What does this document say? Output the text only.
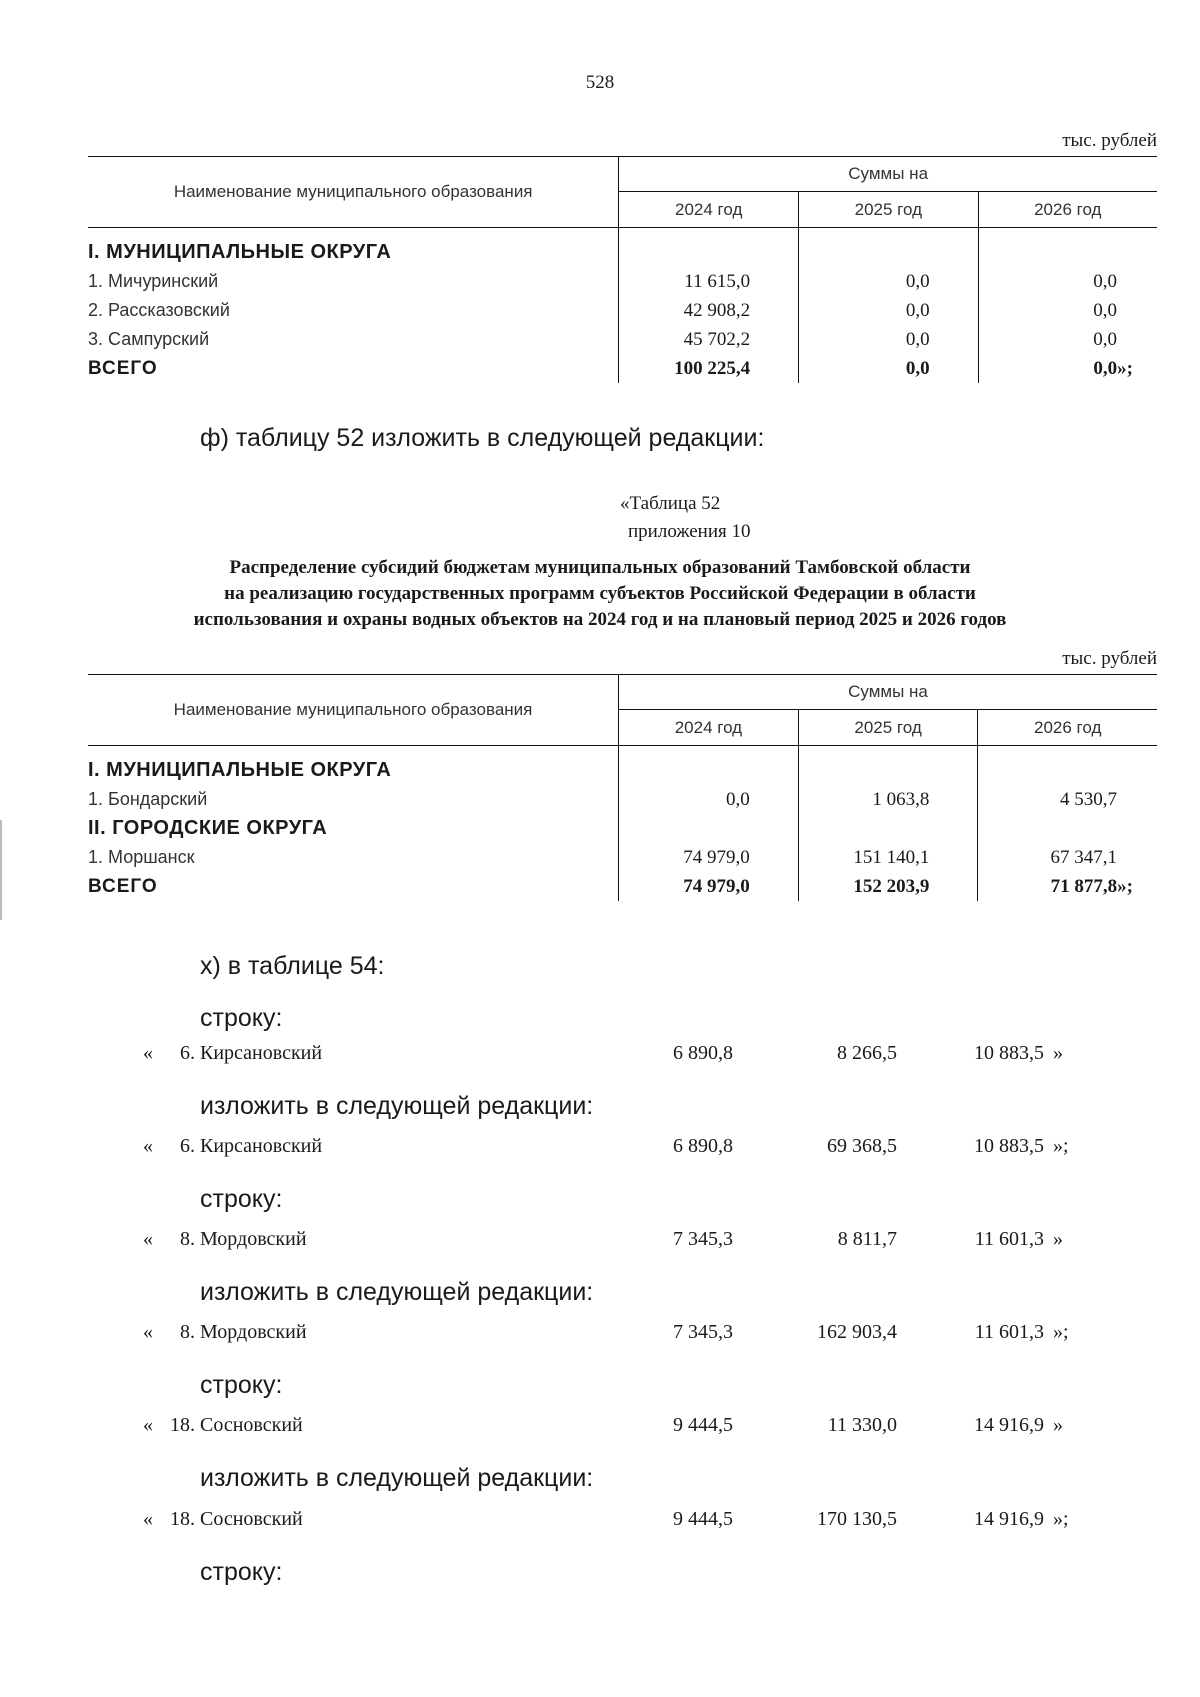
528
тыс. рублей
Наименование муниципального образования	Суммы на		
	2024 год	2025 год	2026 год

I. МУНИЦИПАЛЬНЫЕ ОКРУГА			
1. Мичуринский	11 615,0	0,0	0,0
2. Рассказовский	42 908,2	0,0	0,0
3. Сампурский	45 702,2	0,0	0,0
ВСЕГО	100 225,4	0,0	0,0»;
ф) таблицу 52 изложить в следующей редакции:
«Таблица 52
приложения 10
Распределение субсидий бюджетам муниципальных образований Тамбовской области
на реализацию государственных программ субъектов Российской Федерации в области
использования и охраны водных объектов на 2024 год и на плановый период 2025 и 2026 годов
тыс. рублей
Наименование муниципального образования	Суммы на		
	2024 год	2025 год	2026 год

I. МУНИЦИПАЛЬНЫЕ ОКРУГА			
1. Бондарский	0,0	1 063,8	4 530,7
II. ГОРОДСКИЕ ОКРУГА			
1. Моршанск	74 979,0	151 140,1	67 347,1
ВСЕГО	74 979,0	152 203,9	71 877,8»;
х) в таблице 54:
строку:
« 6. Кирсановский	6 890,8	8 266,5	10 883,5 »
изложить в следующей редакции:
« 6. Кирсановский	6 890,8	69 368,5	10 883,5 »;
строку:
« 8. Мордовский	7 345,3	8 811,7	11 601,3 »
изложить в следующей редакции:
« 8. Мордовский	7 345,3	162 903,4	11 601,3 »;
строку:
« 18. Сосновский	9 444,5	11 330,0	14 916,9 »
изложить в следующей редакции:
« 18. Сосновский	9 444,5	170 130,5	14 916,9 »;
строку:
